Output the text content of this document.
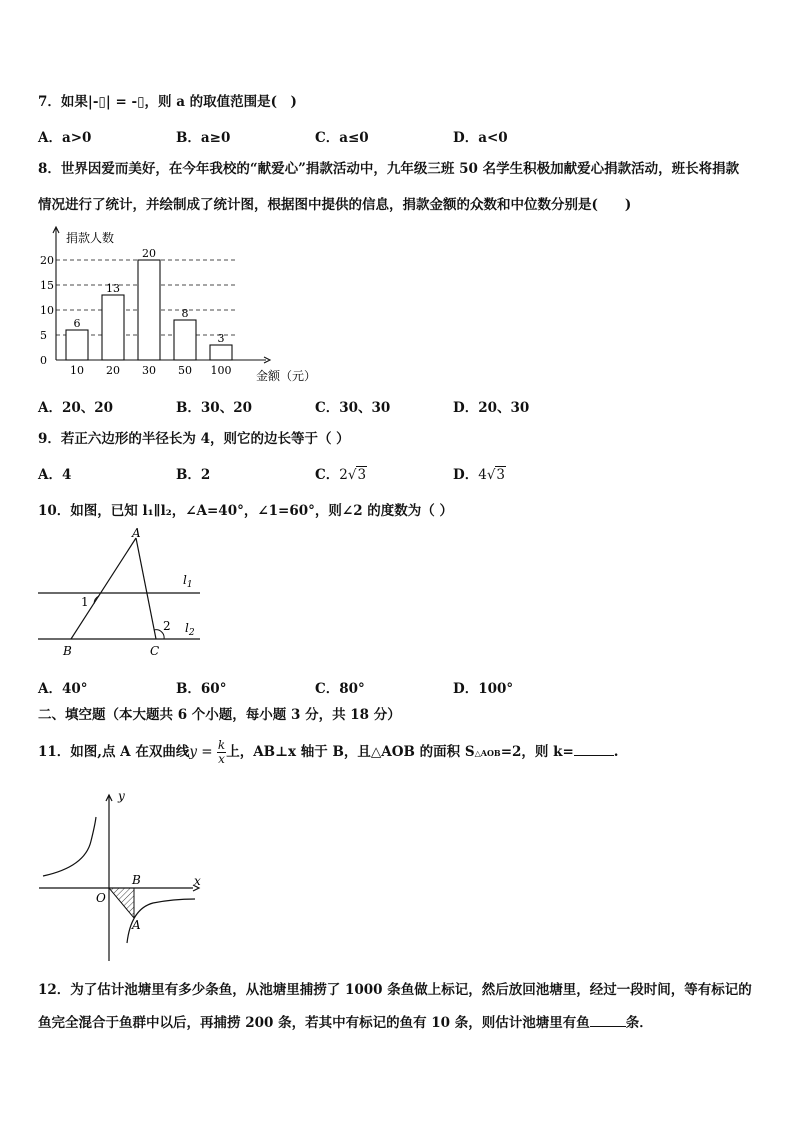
7．如果|-▯| = -▯，则 a 的取值范围是(　)
A．a>0	B．a≥0	C．a≤0	D．a<0
8．世界因爱而美好，在今年我校的“献爱心”捐款活动中，九年级三班 50 名学生积极加献爱心捐款活动，班长将捐款
情况进行了统计，并绘制成了统计图，根据图中提供的信息，捐款金额的众数和中位数分别是(　　)
0
5
10
15
20
捐款人数
金额（元）
6
10
13
20
20
30
8
50
3
100
A．20、20	B．30、20	C．30、30	D．20、30
9．若正六边形的半径长为 4，则它的边长等于（ ）
A．4	B．2	C．2√3	D．4√3
10．如图，已知 l₁∥l₂，∠A=40°，∠1=60°，则∠2 的度数为（ ）
A
B	C
1
2
$l_1$
$l_2$
A．40°	B．60°	C．80°	D．100°
二、填空题（本大题共 6 个小题，每小题 3 分，共 18 分）
11．如图,点 A 在双曲线$y = \frac{k}{x}$ 上，AB⊥x 轴于 B，且△AOB 的面积 S△AOB=2，则 k=	.
y
x
O
B
A
12．为了估计池塘里有多少条鱼，从池塘里捕捞了 1000 条鱼做上标记，然后放回池塘里，经过一段时间，等有标记的
鱼完全混合于鱼群中以后，再捕捞 200 条，若其中有标记的鱼有 10 条，则估计池塘里有鱼	条．
